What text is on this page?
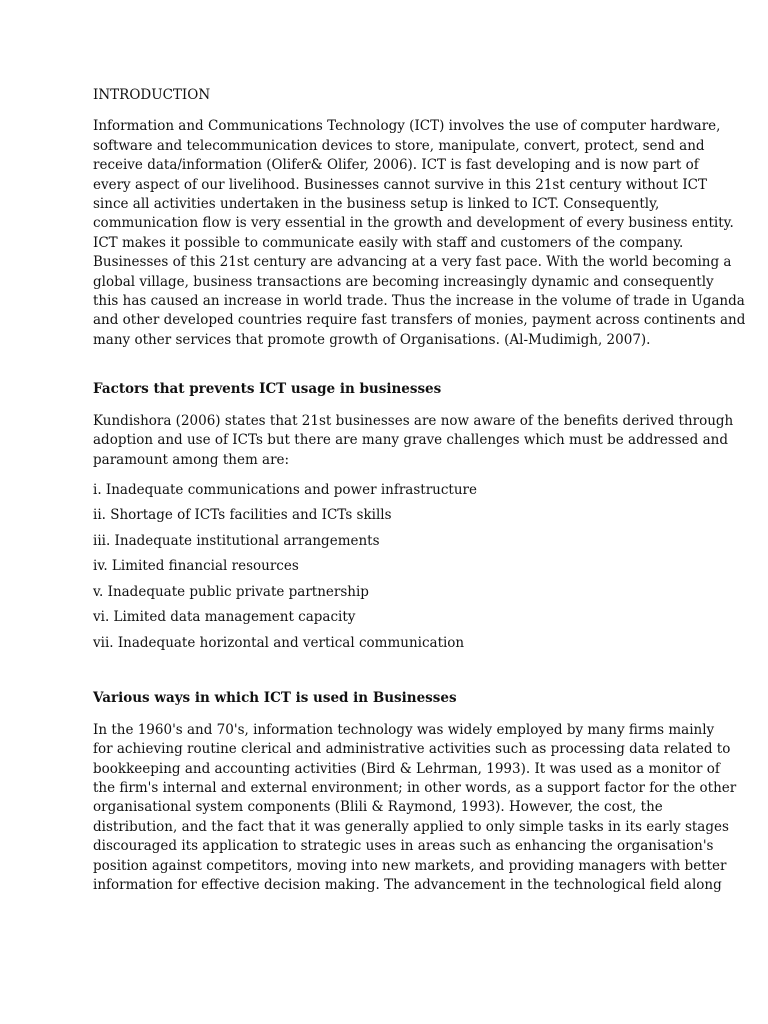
INTRODUCTION

Information and Communications Technology (ICT) involves the use of computer hardware,
software and telecommunication devices to store, manipulate, convert, protect, send and
receive data/information (Olifer& Olifer, 2006). ICT is fast developing and is now part of
every aspect of our livelihood. Businesses cannot survive in this 21st century without ICT
since all activities undertaken in the business setup is linked to ICT. Consequently,
communication flow is very essential in the growth and development of every business entity.
ICT makes it possible to communicate easily with staff and customers of the company.
Businesses of this 21st century are advancing at a very fast pace. With the world becoming a
global village, business transactions are becoming increasingly dynamic and consequently
this has caused an increase in world trade. Thus the increase in the volume of trade in Uganda
and other developed countries require fast transfers of monies, payment across continents and
many other services that promote growth of Organisations. (Al-Mudimigh, 2007).

Factors that prevents ICT usage in businesses

Kundishora (2006) states that 21st businesses are now aware of the benefits derived through
adoption and use of ICTs but there are many grave challenges which must be addressed and
paramount among them are:

i. Inadequate communications and power infrastructure
ii. Shortage of ICTs facilities and ICTs skills
iii. Inadequate institutional arrangements
iv. Limited financial resources
v. Inadequate public private partnership
vi. Limited data management capacity
vii. Inadequate horizontal and vertical communication
Various ways in which ICT is used in Businesses

In the 1960's and 70's, information technology was widely employed by many firms mainly
for achieving routine clerical and administrative activities such as processing data related to
bookkeeping and accounting activities (Bird & Lehrman, 1993). It was used as a monitor of
the firm's internal and external environment; in other words, as a support factor for the other
organisational system components (Blili & Raymond, 1993). However, the cost, the
distribution, and the fact that it was generally applied to only simple tasks in its early stages
discouraged its application to strategic uses in areas such as enhancing the organisation's
position against competitors, moving into new markets, and providing managers with better
information for effective decision making. The advancement in the technological field along
